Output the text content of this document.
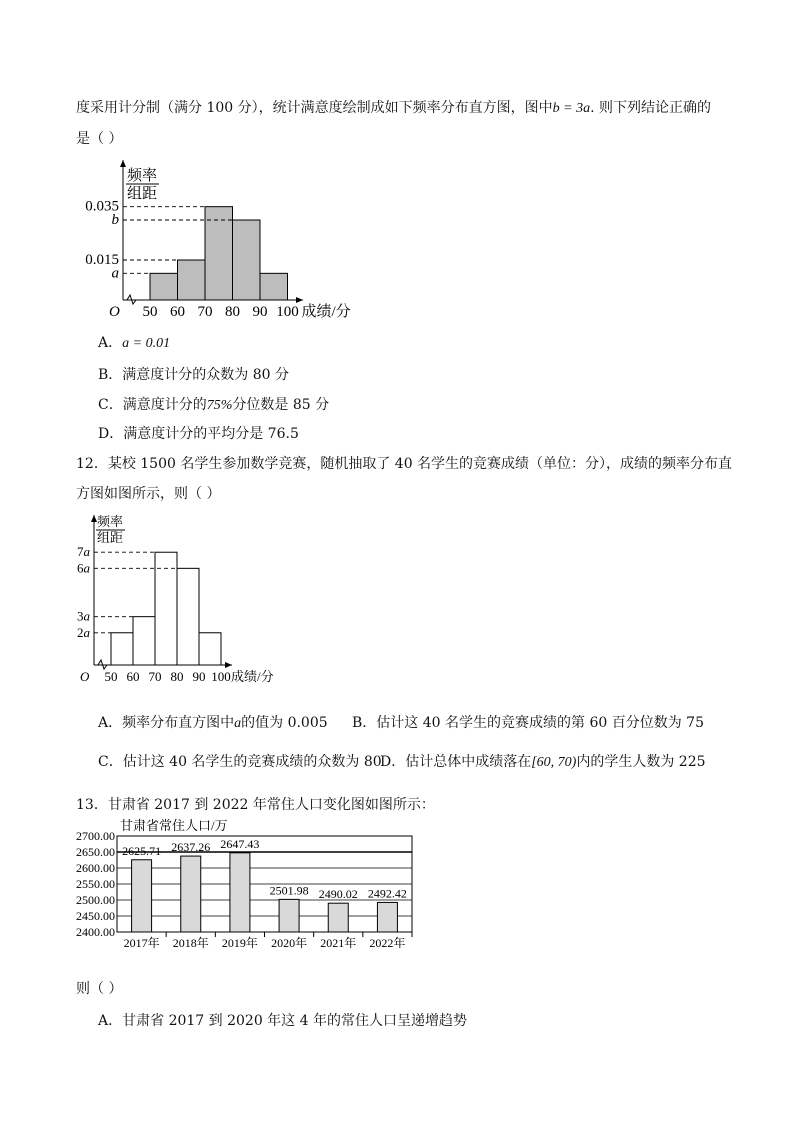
度采用计分制（满分 100 分），统计满意度绘制成如下频率分布直方图，图中b = 3a. 则下列结论正确的
是（ ）
频率
组距
0.035
b
0.015
a
50 60 70 80 90 100
O	成绩/分
A．a = 0.01
B．满意度计分的众数为 80 分
C．满意度计分的75%分位数是 85 分
D．满意度计分的平均分是 76.5
12．某校 1500 名学生参加数学竞赛，随机抽取了 40 名学生的竞赛成绩（单位：分），成绩的频率分布直
方图如图所示，则（ ）
频率
组距
7a
6a
3a
2a
50 60 70 80 90 100
O	成绩/分
A．频率分布直方图中a的值为 0.005 B．估计这 40 名学生的竞赛成绩的第 60 百分位数为 75
C．估计这 40 名学生的竞赛成绩的众数为 80
D．估计总体中成绩落在[60, 70)内的学生人数为 225
13．甘肃省 2017 到 2022 年常住人口变化图如图所示：
2700.00
2650.00
2600.00
2550.00
2500.00
2450.00
2400.00
2625.71
2017年
2637.26
2018年
2647.43
2019年
2501.98
2020年
2490.02
2021年
2492.42
2022年
甘肃省常住人口/万
则（ ）
A．甘肃省 2017 到 2020 年这 4 年的常住人口呈递增趋势
